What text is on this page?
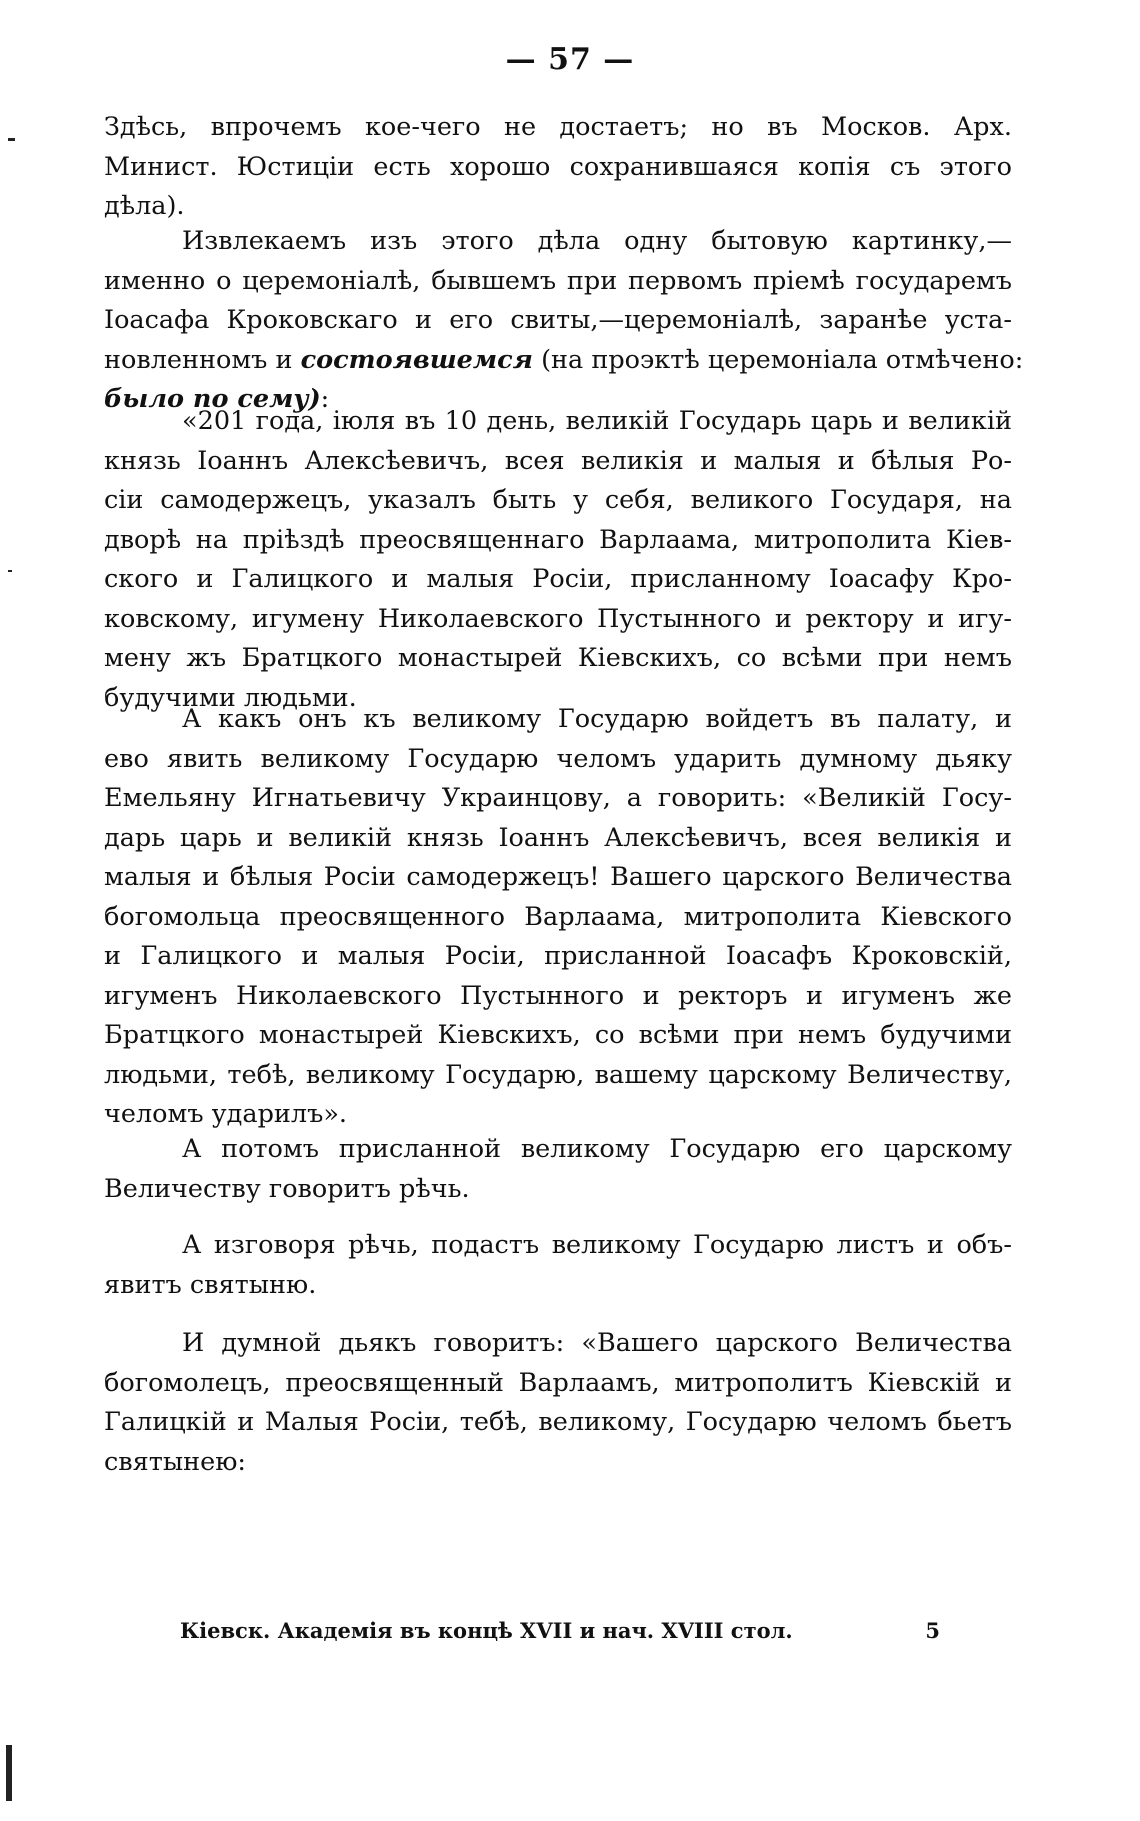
— 57 —
Здѣсь, впрочемъ кое-чего не достаетъ; но въ Москов. Арх.
Минист. Юстиціи есть хорошо сохранившаяся копія съ этого
дѣла).
Извлекаемъ изъ этого дѣла одну бытовую картинку,—
именно о церемоніалѣ, бывшемъ при первомъ пріемѣ государемъ
Іоасафа Кроковскаго и его свиты,—церемоніалѣ, заранѣе уста-
новленномъ и состоявшемся (на проэктѣ церемоніала отмѣчено:
было по сему):
«201 года, іюля въ 10 день, великій Государь царь и великій
князь Іоаннъ Алексѣевичъ, всея великія и малыя и бѣлыя Ро-
сіи самодержецъ, указалъ быть у себя, великого Государя, на
дворѣ на пріѣздѣ преосвященнаго Варлаама, митрополита Кіев-
ского и Галицкого и малыя Росіи, присланному Іоасафу Кро-
ковскому, игумену Николаевского Пустынного и ректору и игу-
мену жъ Братцкого монастырей Кіевскихъ, со всѣми при немъ
будучими людьми.
А какъ онъ къ великому Государю войдетъ въ палату, и
ево явить великому Государю челомъ ударить думному дьяку
Емельяну Игнатьевичу Украинцову, а говорить: «Великій Госу-
дарь царь и великій князь Іоаннъ Алексѣевичъ, всея великія и
малыя и бѣлыя Росіи самодержецъ! Вашего царского Величества
богомольца преосвященного Варлаама, митрополита Кіевского
и Галицкого и малыя Росіи, присланной Іоасафъ Кроковскій,
игуменъ Николаевского Пустынного и ректоръ и игуменъ же
Братцкого монастырей Кіевскихъ, со всѣми при немъ будучими
людьми, тебѣ, великому Государю, вашему царскому Величеству,
челомъ ударилъ».
А потомъ присланной великому Государю его царскому
Величеству говоритъ рѣчь.
А изговоря рѣчь, подастъ великому Государю листъ и объ-
явитъ святыню.
И думной дьякъ говоритъ: «Вашего царского Величества
богомолецъ, преосвященный Варлаамъ, митрополитъ Кіевскій и
Галицкій и Малыя Росіи, тебѣ, великому, Государю челомъ бьетъ
святынею:
Кіевск. Академія въ концѣ XVII и нач. XVIII стол.	5
